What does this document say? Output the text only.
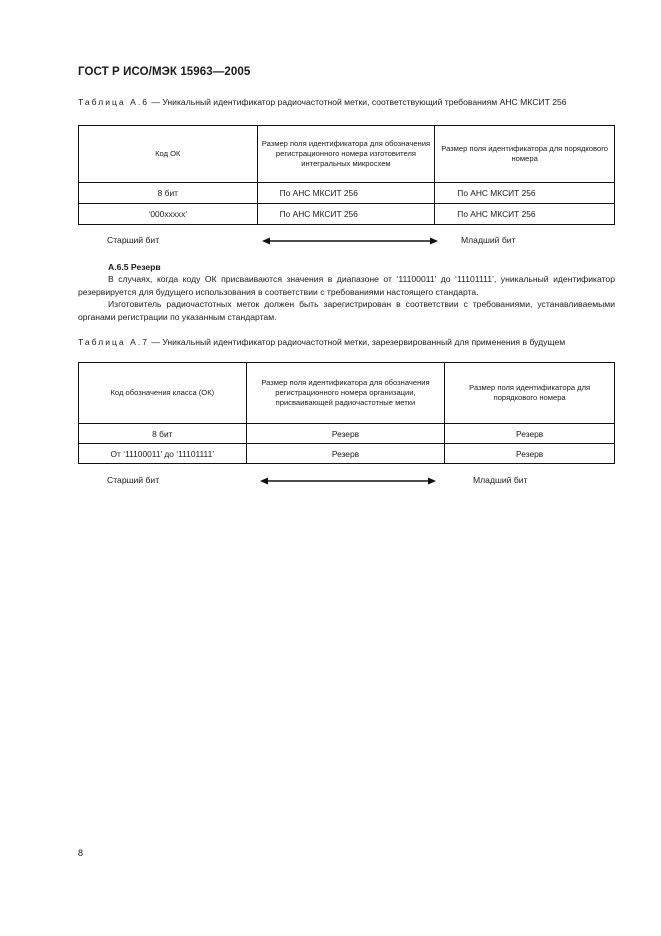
ГОСТ Р ИСО/МЭК 15963—2005
Таблица А.6 — Уникальный идентификатор радиочастотной метки, соответствующий требованиям АНС МКСИТ 256
Код ОК	Размер поля идентификатора для обозначения регистрационного номера изготовителя интегральных микросхем	Размер поля идентификатора для порядкового номера
8 бит	По АНС МКСИТ 256	По АНС МКСИТ 256
‘000xxxxx’	По АНС МКСИТ 256	По АНС МКСИТ 256
Старший бит	Младший бит
А.6.5 Резерв
В случаях, когда коду ОК присваиваются значения в диапазоне от ‘11100011’ до ‘11101111’, уникальный идентификатор резервируется для будущего использования в соответствии с требованиями настоящего стандарта.
Изготовитель радиочастотных меток должен быть зарегистрирован в соответствии с требованиями, устанавливаемыми органами регистрации по указанным стандартам.
Таблица А.7 — Уникальный идентификатор радиочастотной метки, зарезервированный для применения в будущем
Код обозначения класса (ОК)	Размер поля идентификатора для обозначения регистрационного номера организации, присваивающей радиочастотные метки	Размер поля идентификатора для порядкового номера
8 бит	Резерв	Резерв
От ‘11100011’ до ‘11101111’	Резерв	Резерв
Старший бит	Младший бит
8
